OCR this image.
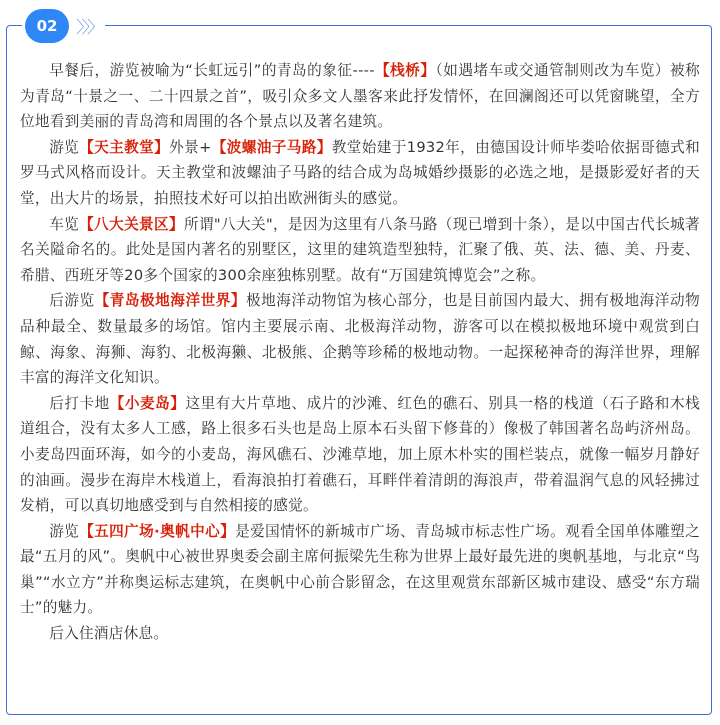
02	〉〉〉

早餐后，游览被喻为“长虹远引”的青岛的象征----【栈桥】（如遇堵车或交通管制则改为车览）被称为青岛“十景之一、二十四景之首”，吸引众多文人墨客来此抒发情怀，在回澜阁还可以凭窗眺望，全方位地看到美丽的青岛湾和周围的各个景点以及著名建筑。

游览【天主教堂】外景+【波螺油子马路】教堂始建于1932年，由德国设计师毕娄哈依据哥德式和罗马式风格而设计。天主教堂和波螺油子马路的结合成为岛城婚纱摄影的必选之地，是摄影爱好者的天堂，出大片的场景，拍照技术好可以拍出欧洲街头的感觉。

车览【八大关景区】所谓"八大关"，是因为这里有八条马路（现已增到十条），是以中国古代长城著名关隘命名的。此处是国内著名的别墅区，这里的建筑造型独特，汇聚了俄、英、法、德、美、丹麦、希腊、西班牙等20多个国家的300余座独栋别墅。故有“万国建筑博览会”之称。

后游览【青岛极地海洋世界】极地海洋动物馆为核心部分，也是目前国内最大、拥有极地海洋动物品种最全、数量最多的场馆。馆内主要展示南、北极海洋动物，游客可以在模拟极地环境中观赏到白鲸、海象、海狮、海豹、北极海獭、北极熊、企鹅等珍稀的极地动物。一起探秘神奇的海洋世界，理解丰富的海洋文化知识。

后打卡地【小麦岛】这里有大片草地、成片的沙滩、红色的礁石、别具一格的栈道（石子路和木栈道组合，没有太多人工感，路上很多石头也是岛上原本石头留下修葺的）像极了韩国著名岛屿济州岛。小麦岛四面环海，如今的小麦岛，海风礁石、沙滩草地，加上原木朴实的围栏装点，就像一幅岁月静好的油画。漫步在海岸木栈道上，看海浪拍打着礁石，耳畔伴着清朗的海浪声，带着温润气息的风轻拂过发梢，可以真切地感受到与自然相接的感觉。

游览【五四广场·奥帆中心】是爱国情怀的新城市广场、青岛城市标志性广场。观看全国单体雕塑之最“五月的风”。奥帆中心被世界奥委会副主席何振梁先生称为世界上最好最先进的奥帆基地，与北京“鸟巢”“水立方”并称奥运标志建筑，在奥帆中心前合影留念，在这里观赏东部新区城市建设、感受“东方瑞士”的魅力。

后入住酒店休息。
